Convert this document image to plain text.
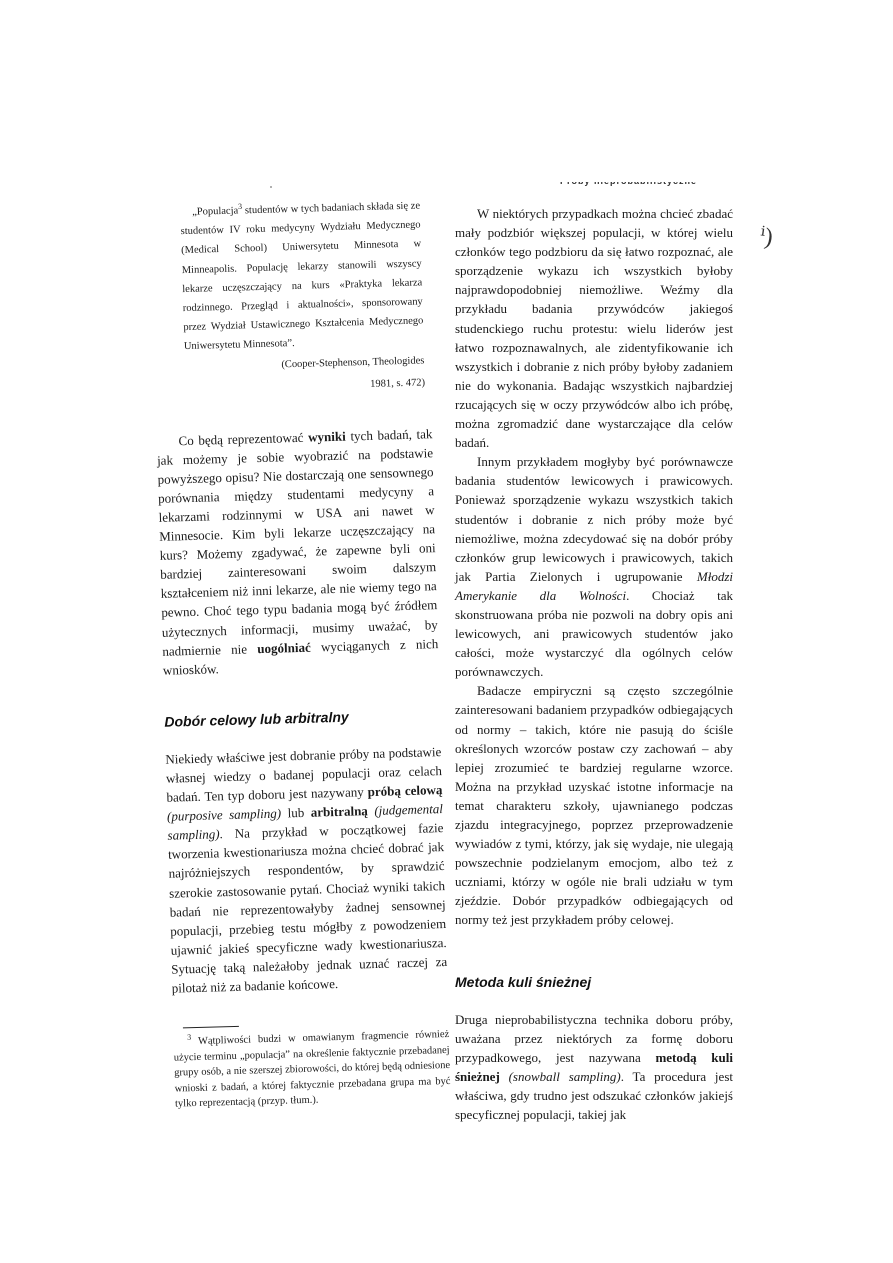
ⁱ)

„Populacja$^3$ studentów w tych badaniach składa się ze studentów IV roku medycyny Wydziału Medycznego (Medical School) Uniwersytetu Minnesota w Minneapolis. Populację lekarzy stanowili wszyscy lekarze uczęszczający na kurs «Praktyka lekarza rodzinnego. Przegląd i aktualności», sponsorowany przez Wydział Ustawicznego Kształcenia Medycznego Uniwersytetu Minnesota”.

(Cooper-Stephenson, Theologides
1981, s. 472)

Co będą reprezentować wyniki tych badań, tak jak możemy je sobie wyobrazić na podstawie powyższego opisu? Nie dostarczają one sensownego porównania między studentami medycyny a lekarzami rodzinnymi w USA ani nawet w Minnesocie. Kim byli lekarze uczęszczający na kurs? Możemy zgadywać, że zapewne byli oni bardziej zainteresowani swoim dalszym kształceniem niż inni lekarze, ale nie wiemy tego na pewno. Choć tego typu badania mogą być źródłem użytecznych informacji, musimy uważać, by nadmiernie nie uogólniać wyciąganych z nich wniosków.

Dobór celowy lub arbitralny

Niekiedy właściwe jest dobranie próby na podstawie własnej wiedzy o badanej populacji oraz celach badań. Ten typ doboru jest nazywany próbą celową (purposive sampling) lub arbitralną (judgemental sampling). Na przykład w początkowej fazie tworzenia kwestionariusza można chcieć dobrać jak najróżniejszych respondentów, by sprawdzić szerokie zastosowanie pytań. Chociaż wyniki takich badań nie reprezentowałyby żadnej sensownej populacji, przebieg testu mógłby z powodzeniem ujawnić jakieś specyficzne wady kwestionariusza. Sytuację taką należałoby jednak uznać raczej za pilotaż niż za badanie końcowe.

$^3$ Wątpliwości budzi w omawianym fragmencie również użycie terminu „populacja” na określenie faktycznie przebadanej grupy osób, a nie szerszej zbiorowości, do której będą odniesione wnioski z badań, a której faktycznie przebadana grupa ma być tylko reprezentacją (przyp. tłum.).

W niektórych przypadkach można chcieć zbadać mały podzbiór większej populacji, w której wielu członków tego podzbioru da się łatwo rozpoznać, ale sporządzenie wykazu ich wszystkich byłoby najprawdopodobniej niemożliwe. Weźmy dla przykładu badania przywódców jakiegoś studenckiego ruchu protestu: wielu liderów jest łatwo rozpoznawalnych, ale zidentyfikowanie ich wszystkich i dobranie z nich próby byłoby zadaniem nie do wykonania. Badając wszystkich najbardziej rzucających się w oczy przywódców albo ich próbę, można zgromadzić dane wystarczające dla celów badań.

Innym przykładem mogłyby być porównawcze badania studentów lewicowych i prawicowych. Ponieważ sporządzenie wykazu wszystkich takich studentów i dobranie z nich próby może być niemożliwe, można zdecydować się na dobór próby członków grup lewicowych i prawicowych, takich jak Partia Zielonych i ugrupowanie Młodzi Amerykanie dla Wolności. Chociaż tak skonstruowana próba nie pozwoli na dobry opis ani lewicowych, ani prawicowych studentów jako całości, może wystarczyć dla ogólnych celów porównawczych.

Badacze empiryczni są często szczególnie zainteresowani badaniem przypadków odbiegających od normy – takich, które nie pasują do ściśle określonych wzorców postaw czy zachowań – aby lepiej zrozumieć te bardziej regularne wzorce. Można na przykład uzyskać istotne informacje na temat charakteru szkoły, ujawnianego podczas zjazdu integracyjnego, poprzez przeprowadzenie wywiadów z tymi, którzy, jak się wydaje, nie ulegają powszechnie podzielanym emocjom, albo też z uczniami, którzy w ogóle nie brali udziału w tym zjeździe. Dobór przypadków odbiegających od normy też jest przykładem próby celowej.

Metoda kuli śnieżnej

Druga nieprobabilistyczna technika doboru próby, uważana przez niektórych za formę doboru przypadkowego, jest nazywana metodą kuli śnieżnej (snowball sampling). Ta procedura jest właściwa, gdy trudno jest odszukać członków jakiejś specyficznej populacji, takiej jak
